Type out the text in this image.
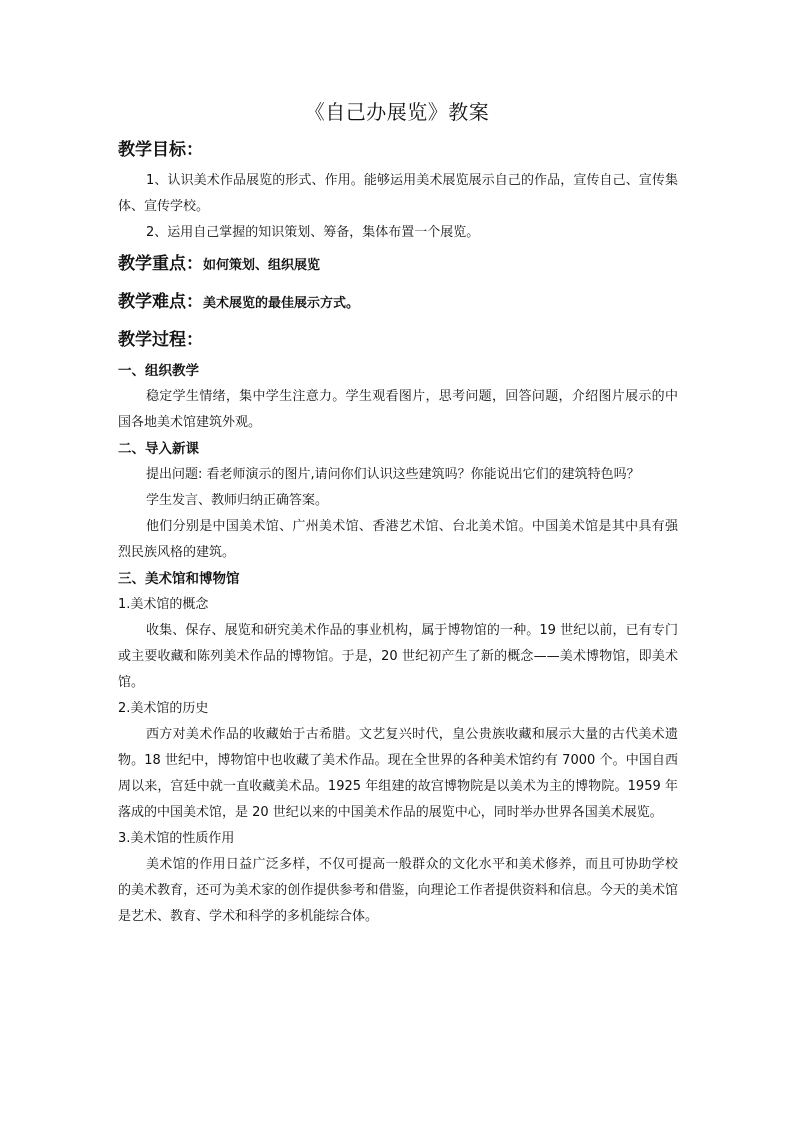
《自己办展览》教案
教学目标：

1、认识美术作品展览的形式、作用。能够运用美术展览展示自己的作品，宣传自己、宣传集体、宣传学校。

2、运用自己掌握的知识策划、筹备，集体布置一个展览。

教学重点：如何策划、组织展览
教学难点：美术展览的最佳展示方式。
教学过程：
一、组织教学

稳定学生情绪，集中学生注意力。学生观看图片，思考问题，回答问题，介绍图片展示的中国各地美术馆建筑外观。

二、导入新课

提出问题: 看老师演示的图片,请问你们认识这些建筑吗？你能说出它们的建筑特色吗？

学生发言、教师归纳正确答案。

他们分别是中国美术馆、广州美术馆、香港艺术馆、台北美术馆。中国美术馆是其中具有强烈民族风格的建筑。

三、美术馆和博物馆
1.美术馆的概念

收集、保存、展览和研究美术作品的事业机构，属于博物馆的一种。19 世纪以前，已有专门或主要收藏和陈列美术作品的博物馆。于是，20 世纪初产生了新的概念——美术博物馆，即美术馆。

2.美术馆的历史

西方对美术作品的收藏始于古希腊。文艺复兴时代，皇公贵族收藏和展示大量的古代美术遗物。18 世纪中，博物馆中也收藏了美术作品。现在全世界的各种美术馆约有 7000 个。中国自西周以来，宫廷中就一直收藏美术品。1925 年组建的故宫博物院是以美术为主的博物院。1959 年落成的中国美术馆，是 20 世纪以来的中国美术作品的展览中心，同时举办世界各国美术展览。

3.美术馆的性质作用

美术馆的作用日益广泛多样，不仅可提高一般群众的文化水平和美术修养，而且可协助学校的美术教育，还可为美术家的创作提供参考和借鉴，向理论工作者提供资料和信息。今天的美术馆是艺术、教育、学术和科学的多机能综合体。
